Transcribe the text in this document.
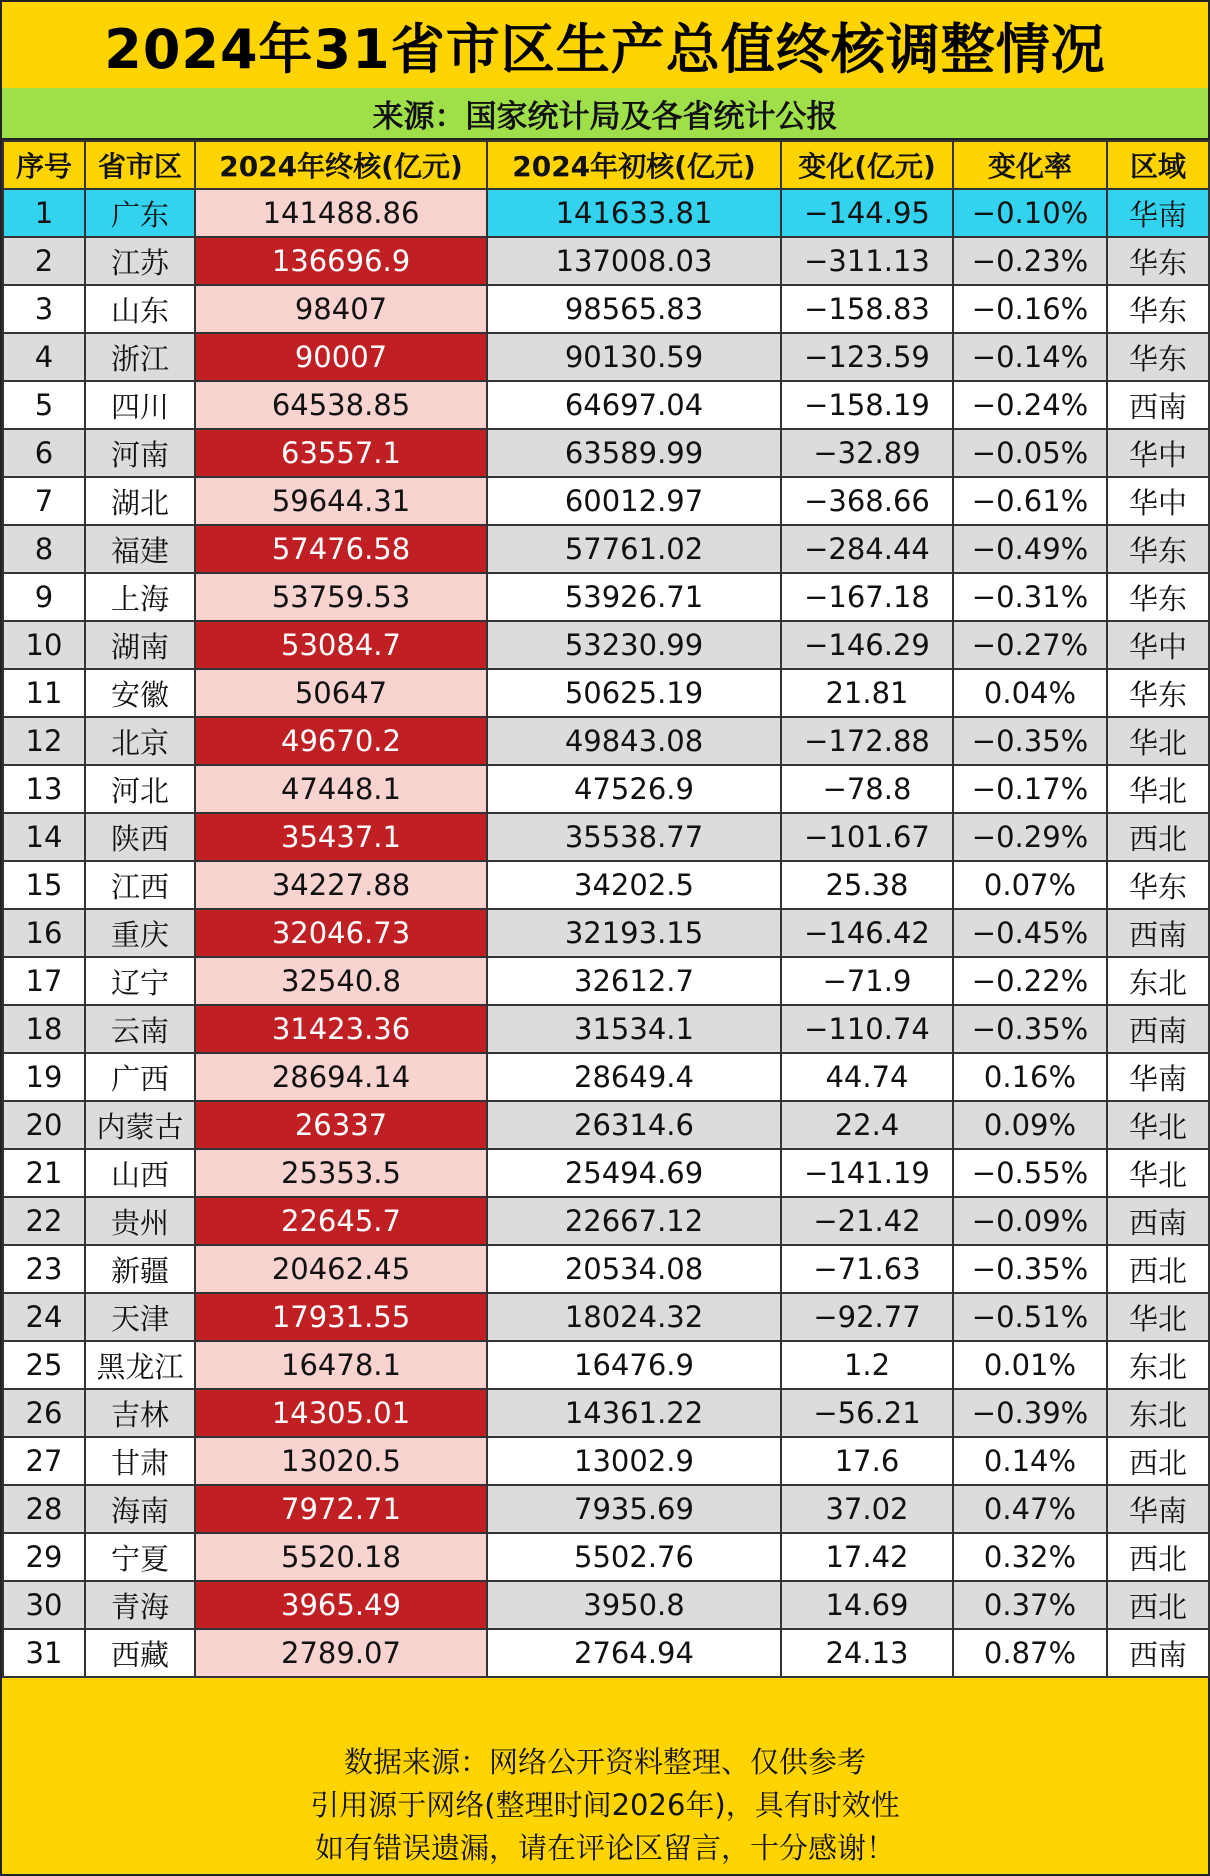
2024年31省市区生产总值终核调整情况
来源：国家统计局及各省统计公报
序号	省市区	2024年终核(亿元)	2024年初核(亿元)	变化(亿元)	变化率	区域
1	广东	141488.86	141633.81	−144.95	−0.10%	华南
2	江苏	136696.9	137008.03	−311.13	−0.23%	华东
3	山东	98407	98565.83	−158.83	−0.16%	华东
4	浙江	90007	90130.59	−123.59	−0.14%	华东
5	四川	64538.85	64697.04	−158.19	−0.24%	西南
6	河南	63557.1	63589.99	−32.89	−0.05%	华中
7	湖北	59644.31	60012.97	−368.66	−0.61%	华中
8	福建	57476.58	57761.02	−284.44	−0.49%	华东
9	上海	53759.53	53926.71	−167.18	−0.31%	华东
10	湖南	53084.7	53230.99	−146.29	−0.27%	华中
11	安徽	50647	50625.19	21.81	0.04%	华东
12	北京	49670.2	49843.08	−172.88	−0.35%	华北
13	河北	47448.1	47526.9	−78.8	−0.17%	华北
14	陕西	35437.1	35538.77	−101.67	−0.29%	西北
15	江西	34227.88	34202.5	25.38	0.07%	华东
16	重庆	32046.73	32193.15	−146.42	−0.45%	西南
17	辽宁	32540.8	32612.7	−71.9	−0.22%	东北
18	云南	31423.36	31534.1	−110.74	−0.35%	西南
19	广西	28694.14	28649.4	44.74	0.16%	华南
20	内蒙古	26337	26314.6	22.4	0.09%	华北
21	山西	25353.5	25494.69	−141.19	−0.55%	华北
22	贵州	22645.7	22667.12	−21.42	−0.09%	西南
23	新疆	20462.45	20534.08	−71.63	−0.35%	西北
24	天津	17931.55	18024.32	−92.77	−0.51%	华北
25	黑龙江	16478.1	16476.9	1.2	0.01%	东北
26	吉林	14305.01	14361.22	−56.21	−0.39%	东北
27	甘肃	13020.5	13002.9	17.6	0.14%	西北
28	海南	7972.71	7935.69	37.02	0.47%	华南
29	宁夏	5520.18	5502.76	17.42	0.32%	西北
30	青海	3965.49	3950.8	14.69	0.37%	西北
31	西藏	2789.07	2764.94	24.13	0.87%	西南
数据来源：网络公开资料整理、仅供参考
引用源于网络(整理时间2026年)，具有时效性
如有错误遗漏，请在评论区留言，十分感谢！
